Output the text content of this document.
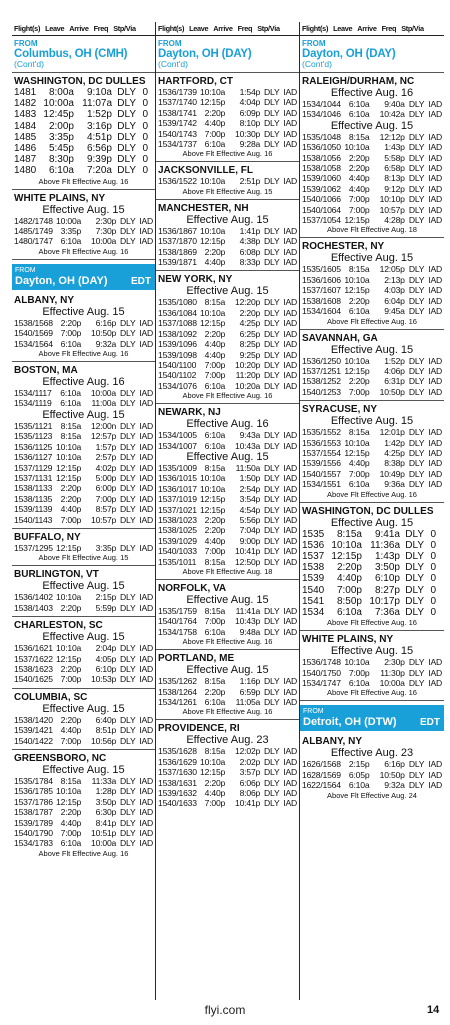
Flight(s) Leave Arrive Freq Stp/Via
FROM
Columbus, OH (CMH)
(Cont'd)
WASHINGTON, DC DULLES
1481	8:00a	9:10a DLY 0
1482 10:00a 11:07a DLY 0
1483 12:45p	1:52p DLY 0
1484	2:00p	3:16p DLY 0
1485	3:35p	4:51p DLY 0
1486	5:45p	6:56p DLY 0
1487	8:30p	9:39p DLY 0
1480	6:10a	7:20a DLY 0
Above Flt Effective Aug. 16
WHITE PLAINS, NY
Effective Aug. 15
1482/1748 10:00a	2:30p DLY IAD
1485/1749 3:35p	7:30p DLY IAD
1480/1747 6:10a	10:00a DLY IAD
Above Flt Effective Aug. 16
FROM
Dayton, OH (DAY) EDT
ALBANY, NY
Effective Aug. 15
1538/1568 2:20p	6:16p DLY IAD
1540/1569 7:00p	10:50p DLY IAD
1534/1564 6:10a	9:32a DLY IAD
Above Flt Effective Aug. 16
BOSTON, MA
Effective Aug. 16
1534/1117	6:10a	10:00a DLY IAD
1534/1119	6:10a	11:00a DLY IAD
Effective Aug. 15
1535/1121 8:15a	12:00n DLY IAD
1535/1123 8:15a	12:57p DLY IAD
1536/1125 10:10a	1:57p DLY IAD
1536/1127 10:10a	2:57p DLY IAD
1537/1129 12:15p	4:02p DLY IAD
1537/1131 12:15p	5:00p DLY IAD
1538/1133 2:20p	6:00p DLY IAD
1538/1135 2:20p	7:00p DLY IAD
1539/1139 4:40p	8:57p DLY IAD
1540/1143 7:00p	10:57p DLY IAD
BUFFALO, NY
1537/1295 12:15p	3:35p DLY IAD
Above Flt Effective Aug. 15
BURLINGTON, VT
Effective Aug. 15
1536/1402 10:10a	2:15p DLY IAD
1538/1403 2:20p	5:59p DLY IAD
CHARLESTON, SC
Effective Aug. 15
1536/1621 10:10a	2:04p DLY IAD
1537/1622 12:15p	4:05p DLY IAD
1538/1623 2:20p	6:10p DLY IAD
1540/1625 7:00p	10:53p DLY IAD
COLUMBIA, SC
Effective Aug. 15
1538/1420 2:20p	6:40p DLY IAD
1539/1421 4:40p	8:51p DLY IAD
1540/1422 7:00p	10:56p DLY IAD
GREENSBORO, NC
Effective Aug. 15
1535/1784 8:15a	11:33a DLY IAD
1536/1785 10:10a	1:28p DLY IAD
1537/1786 12:15p	3:50p DLY IAD
1538/1787 2:20p	6:30p DLY IAD
1539/1789 4:40p	8:41p DLY IAD
1540/1790 7:00p	10:51p DLY IAD
1534/1783 6:10a	10:00a DLY IAD
Above Flt Effective Aug. 16
Flight(s) Leave Arrive Freq Stp/Via
FROM
Dayton, OH (DAY)
(Cont'd)
HARTFORD, CT
1536/1739 10:10a	1:54p DLY IAD
1537/1740 12:15p	4:04p DLY IAD
1538/1741 2:20p	6:09p DLY IAD
1539/1742 4:40p	8:10p DLY IAD
1540/1743 7:00p	10:30p DLY IAD
1534/1737 6:10a	9:28a DLY IAD
Above Flt Effective Aug. 16
JACKSONVILLE, FL
1536/1522 10:10a	2:51p DLY IAD
Above Flt Effective Aug. 15
MANCHESTER, NH
Effective Aug. 15
1536/1867 10:10a	1:41p DLY IAD
1537/1870 12:15p	4:38p DLY IAD
1538/1869 2:20p	6:08p DLY IAD
1539/1871 4:40p	8:33p DLY IAD
NEW YORK, NY
Effective Aug. 15
1535/1080 8:15a	12:20p DLY IAD
1536/1084 10:10a	2:20p DLY IAD
1537/1088 12:15p	4:25p DLY IAD
1538/1092 2:20p	6:25p DLY IAD
1539/1096 4:40p	8:25p DLY IAD
1539/1098 4:40p	9:25p DLY IAD
1540/1100 7:00p	10:20p DLY IAD
1540/1102 7:00p	11:20p DLY IAD
1534/1076 6:10a	10:20a DLY IAD
Above Flt Effective Aug. 16
NEWARK, NJ
Effective Aug. 16
1534/1005 6:10a	9:43a DLY IAD
1534/1007 6:10a	10:43a DLY IAD
Effective Aug. 15
1535/1009 8:15a	11:50a DLY IAD
1536/1015 10:10a	1:50p DLY IAD
1536/1017 10:10a	2:54p DLY IAD
1537/1019 12:15p	3:54p DLY IAD
1537/1021 12:15p	4:54p DLY IAD
1538/1023 2:20p	5:56p DLY IAD
1538/1025 2:20p	7:04p DLY IAD
1539/1029 4:40p	9:00p DLY IAD
1540/1033 7:00p	10:41p DLY IAD
1535/1011 8:15a	12:50p DLY IAD
Above Flt Effective Aug. 18
NORFOLK, VA
Effective Aug. 15
1535/1759 8:15a	11:41a DLY IAD
1540/1764 7:00p	10:43p DLY IAD
1534/1758 6:10a	9:48a DLY IAD
Above Flt Effective Aug. 16
PORTLAND, ME
Effective Aug. 15
1535/1262 8:15a	1:16p DLY IAD
1538/1264 2:20p	6:59p DLY IAD
1534/1261 6:10a	11:05a DLY IAD
Above Flt Effective Aug. 16
PROVIDENCE, RI
Effective Aug. 23
1535/1628 8:15a	12:02p DLY IAD
1536/1629 10:10a	2:02p DLY IAD
1537/1630 12:15p	3:57p DLY IAD
1538/1631 2:20p	6:06p DLY IAD
1539/1632 4:40p	8:06p DLY IAD
1540/1633 7:00p	10:41p DLY IAD
Flight(s) Leave Arrive Freq Stp/Via
FROM
Dayton, OH (DAY)
(Cont'd)
RALEIGH/DURHAM, NC
Effective Aug. 16
1534/1044 6:10a	9:40a DLY IAD
1534/1046 6:10a	10:42a DLY IAD
Effective Aug. 15
1535/1048 8:15a	12:12p DLY IAD
1536/1050 10:10a	1:43p DLY IAD
1538/1056 2:20p	5:58p DLY IAD
1538/1058 2:20p	6:58p DLY IAD
1539/1060 4:40p	8:13p DLY IAD
1539/1062 4:40p	9:12p DLY IAD
1540/1066 7:00p	10:10p DLY IAD
1540/1064 7:00p	10:57p DLY IAD
1537/1054 12:15p	4:28p DLY IAD
Above Flt Effective Aug. 18
ROCHESTER, NY
Effective Aug. 15
1535/1605 8:15a	12:05p DLY IAD
1536/1606 10:10a	2:13p DLY IAD
1537/1607 12:15p	4:03p DLY IAD
1538/1608 2:20p	6:04p DLY IAD
1534/1604 6:10a	9:45a DLY IAD
Above Flt Effective Aug. 16
SAVANNAH, GA
Effective Aug. 15
1536/1250 10:10a	1:52p DLY IAD
1537/1251 12:15p	4:06p DLY IAD
1538/1252 2:20p	6:31p DLY IAD
1540/1253 7:00p	10:50p DLY IAD
SYRACUSE, NY
Effective Aug. 15
1535/1552 8:15a	12:01p DLY IAD
1536/1553 10:10a	1:42p DLY IAD
1537/1554 12:15p	4:25p DLY IAD
1539/1556 4:40p	8:38p DLY IAD
1540/1557 7:00p	10:49p DLY IAD
1534/1551 6:10a	9:36a DLY IAD
Above Flt Effective Aug. 16
WASHINGTON, DC DULLES
Effective Aug. 15
1535	8:15a	9:41a DLY 0
1536 10:10a 11:36a DLY 0
1537 12:15p	1:43p DLY 0
1538	2:20p	3:50p DLY 0
1539	4:40p	6:10p DLY 0
1540	7:00p	8:27p DLY 0
1541	8:50p 10:17p DLY 0
1534	6:10a	7:36a DLY 0
Above Flt Effective Aug. 16
WHITE PLAINS, NY
Effective Aug. 15
1536/1748 10:10a	2:30p DLY IAD
1540/1750 7:00p	11:30p DLY IAD
1534/1747 6:10a	10:00a DLY IAD
Above Flt Effective Aug. 16
FROM
Detroit, OH (DTW) EDT
ALBANY, NY
Effective Aug. 23
1626/1568 2:15p	6:16p DLY IAD
1628/1569 6:05p	10:50p DLY IAD
1622/1564 6:10a	9:32a DLY IAD
Above Flt Effective Aug. 24
flyi.com	14
